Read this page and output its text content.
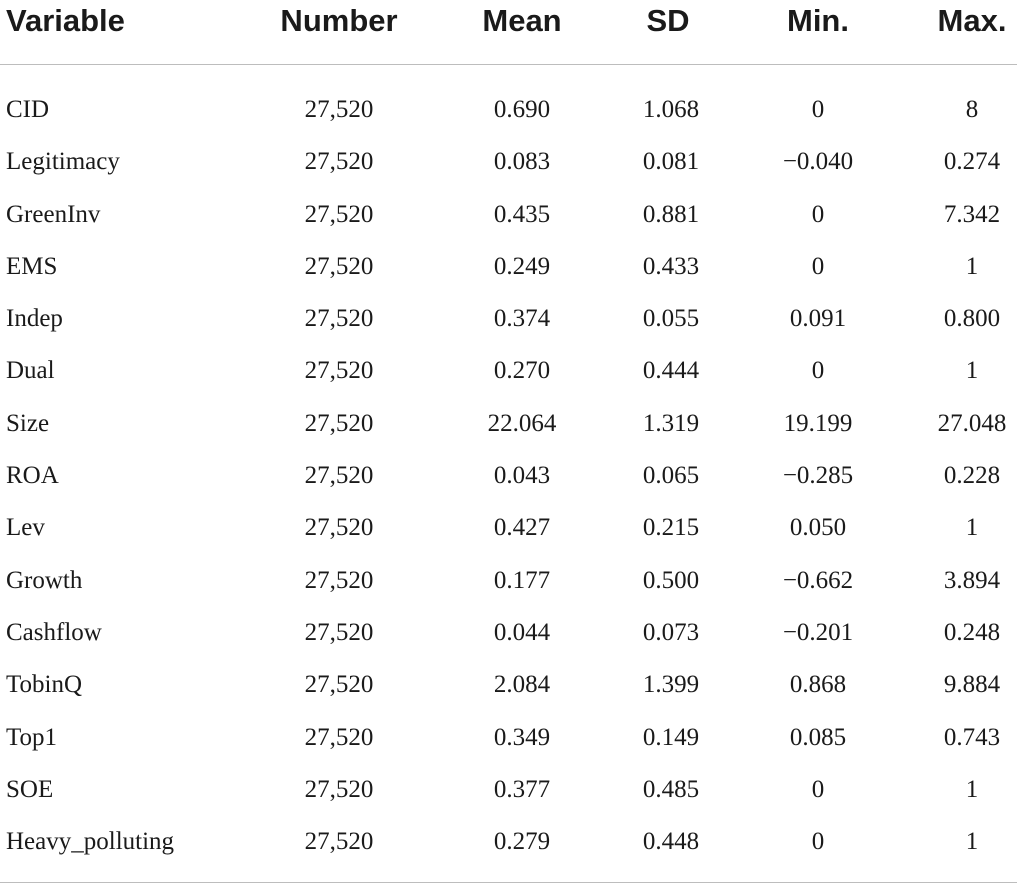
Variable	Number	Mean	SD	Min.	Max.
CID	27,520	0.690	1.068	0	8
Legitimacy	27,520	0.083	0.081	−0.040	0.274
GreenInv	27,520	0.435	0.881	0	7.342
EMS	27,520	0.249	0.433	0	1
Indep	27,520	0.374	0.055	0.091	0.800
Dual	27,520	0.270	0.444	0	1
Size	27,520	22.064	1.319	19.199	27.048
ROA	27,520	0.043	0.065	−0.285	0.228
Lev	27,520	0.427	0.215	0.050	1
Growth	27,520	0.177	0.500	−0.662	3.894
Cashflow	27,520	0.044	0.073	−0.201	0.248
TobinQ	27,520	2.084	1.399	0.868	9.884
Top1	27,520	0.349	0.149	0.085	0.743
SOE	27,520	0.377	0.485	0	1
Heavy_polluting	27,520	0.279	0.448	0	1
